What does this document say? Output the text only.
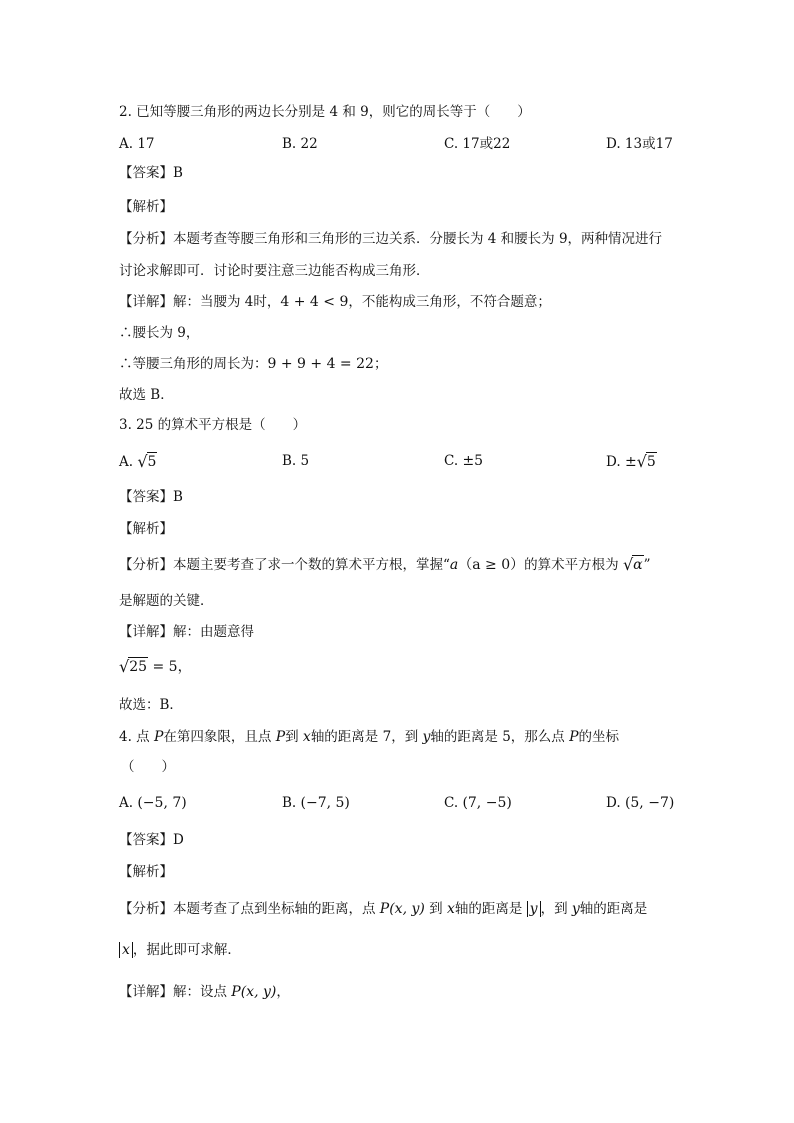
2. 已知等腰三角形的两边长分别是 4 和 9，则它的周长等于（　　）
A. 17	B. 22	C. 17或22	D. 13或17
【答案】B
【解析】
【分析】本题考查等腰三角形和三角形的三边关系．分腰长为 4 和腰长为 9，两种情况进行
讨论求解即可．讨论时要注意三边能否构成三角形．
【详解】解：当腰为 4时，4 + 4 < 9，不能构成三角形，不符合题意；
∴腰长为 9，
∴等腰三角形的周长为：9 + 9 + 4 = 22；
故选 B．
3. 25 的算术平方根是（　　）
A. √5	B. 5	C. ±5	D. ±√5
【答案】B
【解析】
【分析】本题主要考查了求一个数的算术平方根，掌握“a（a ≥ 0）的算术平方根为 √α”
是解题的关键．
【详解】解：由题意得
√25 = 5，
故选：B．
4. 点 P在第四象限，且点 P到 x轴的距离是 7，到 y轴的距离是 5，那么点 P的坐标
（　　）
A. (−5, 7)	B. (−7, 5)	C. (7, −5)	D. (5, −7)
【答案】D
【解析】
【分析】本题考查了点到坐标轴的距离，点 P(x, y) 到 x轴的距离是 y ，到 y轴的距离是
x ，据此即可求解．
【详解】解：设点 P(x, y)，
